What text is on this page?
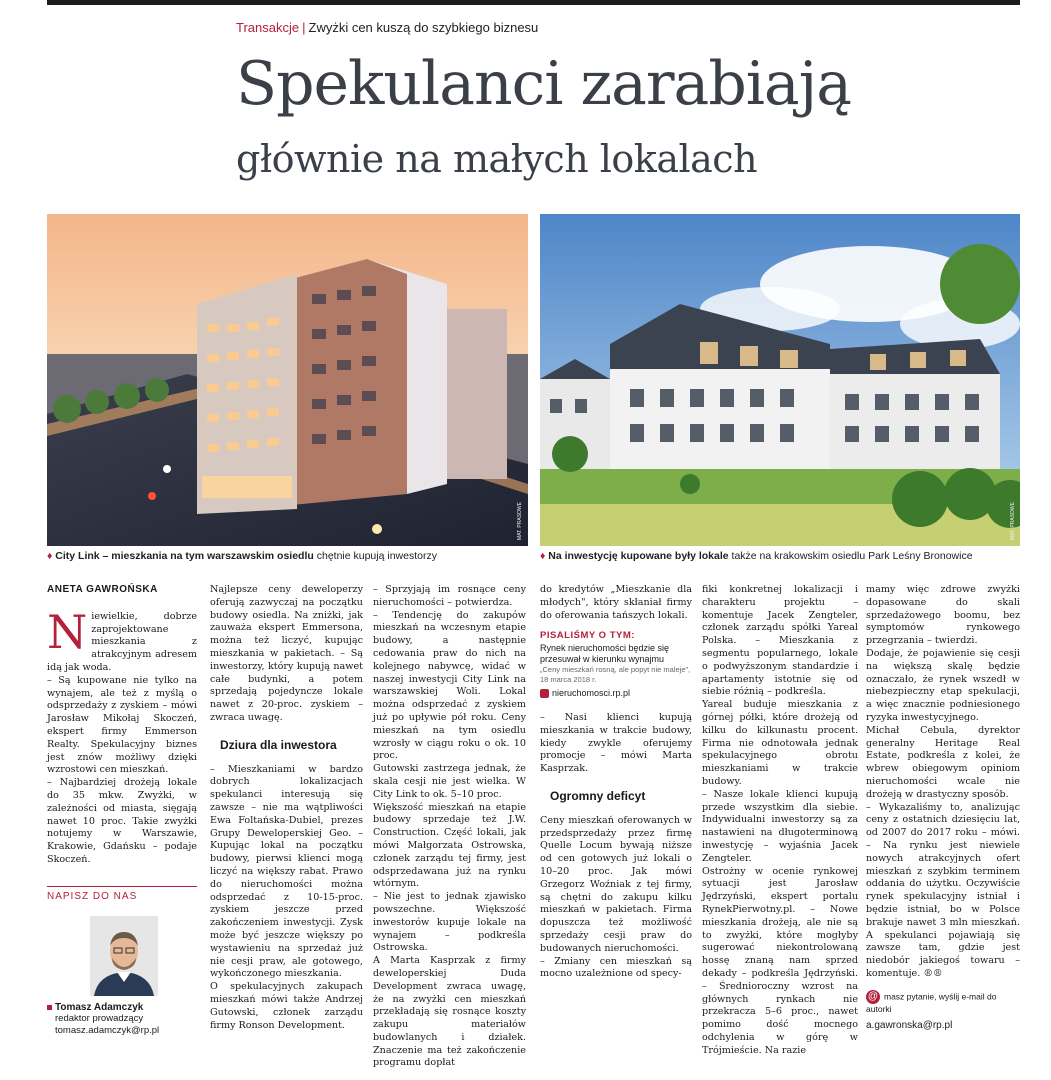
Transakcje | Zwyżki cen kuszą do szybkiego biznesu
Spekulanci zarabiają
głównie na małych lokalach
MAT. PRASOWE	MAT. PRASOWE
♦ City Link – mieszkania na tym warszawskim osiedlu chętnie kupują inwestorzy	♦ Na inwestycję kupowane były lokale także na krakowskim osiedlu Park Leśny Bronowice
ANETA GAWROŃSKA

Niewielkie, dobrze zaprojektowane mieszkania z atrakcyjnym adresem idą jak woda.

– Są kupowane nie tylko na wynajem, ale też z myślą o odsprzedaży z zyskiem – mówi Jarosław Mikołaj Skoczeń, ekspert firmy Emmerson Realty. Spekulacyjny biznes jest znów możliwy dzięki wzrostowi cen mieszkań.

– Najbardziej drożeją lokale do 35 mkw. Zwyżki, w zależności od miasta, sięgają nawet 10 proc. Takie zwyżki notujemy w Warszawie, Krakowie, Gdańsku – podaje Skoczeń.

NAPISZ DO NAS
Tomasz Adamczyk
redaktor prowadzący
tomasz.adamczyk@rp.pl

Najlepsze ceny deweloperzy oferują zazwyczaj na początku budowy osiedla. Na zniżki, jak zauważa ekspert Emmersona, można też liczyć, kupując mieszkania w pakietach. – Są inwestorzy, który kupują nawet całe budynki, a potem sprzedają pojedyncze lokale nawet z 20-proc. zyskiem – zwraca uwagę.

Dziura dla inwestora

– Mieszkaniami w bardzo dobrych lokalizacjach spekulanci interesują się zawsze – nie ma wątpliwości Ewa Foltańska-Dubiel, prezes Grupy Deweloperskiej Geo. – Kupując lokal na początku budowy, pierwsi klienci mogą liczyć na większy rabat. Prawo do nieruchomości można odsprzedać z 10-15-proc. zyskiem jeszcze przed zakończeniem inwestycji. Zysk może być jeszcze większy po wystawieniu na sprzedaż już nie cesji praw, ale gotowego, wykończonego mieszkania.

O spekulacyjnych zakupach mieszkań mówi także Andrzej Gutowski, członek zarządu firmy Ronson Development.

– Sprzyjają im rosnące ceny nieruchomości – potwierdza.

– Tendencję do zakupów mieszkań na wczesnym etapie budowy, a następnie cedowania praw do nich na kolejnego nabywcę, widać w naszej inwestycji City Link na warszawskiej Woli. Lokal można odsprzedać z zyskiem już po upływie pół roku. Ceny mieszkań na tym osiedlu wzrosły w ciągu roku o ok. 10 proc.

Gutowski zastrzega jednak, że skala cesji nie jest wielka. W City Link to ok. 5–10 proc.

Większość mieszkań na etapie budowy sprzedaje też J.W. Construction. Część lokali, jak mówi Małgorzata Ostrowska, członek zarządu tej firmy, jest odsprzedawana już na rynku wtórnym.

– Nie jest to jednak zjawisko powszechne. Większość inwestorów kupuje lokale na wynajem – podkreśla Ostrowska.

A Marta Kasprzak z firmy deweloperskiej Duda Development zwraca uwagę, że na zwyżki cen mieszkań przekładają się rosnące koszty zakupu materiałów budowlanych i działek. Znaczenie ma też zakończenie programu dopłat

do kredytów „Mieszkanie dla młodych", który skłaniał firmy do oferowania tańszych lokali.

PISALIŚMY O TYM:
Rynek nieruchomości będzie się przesuwał w kierunku wynajmu
„Ceny mieszkań rosną, ale popyt nie maleje", 18 marca 2018 r.
nieruchomosci.rp.pl

– Nasi klienci kupują mieszkania w trakcie budowy, kiedy zwykle oferujemy promocje – mówi Marta Kasprzak.

Ogromny deficyt

Ceny mieszkań oferowanych w przedsprzedaży przez firmę Quelle Locum bywają niższe od cen gotowych już lokali o 10–20 proc. Jak mówi Grzegorz Woźniak z tej firmy, są chętni do zakupu kilku mieszkań w pakietach. Firma dopuszcza też możliwość sprzedaży cesji praw do budowanych nieruchomości.

– Zmiany cen mieszkań są mocno uzależnione od specy-

fiki konkretnej lokalizacji i charakteru projektu – komentuje Jacek Zengteler, członek zarządu spółki Yareal Polska. – Mieszkania z segmentu popularnego, lokale o podwyższonym standardzie i apartamenty istotnie się od siebie różnią – podkreśla.

Yareal buduje mieszkania z górnej półki, które drożeją od kilku do kilkunastu procent. Firma nie odnotowała jednak spekulacyjnego obrotu mieszkaniami w trakcie budowy.

– Nasze lokale klienci kupują przede wszystkim dla siebie. Indywidualni inwestorzy są za nastawieni na długoterminową inwestycję – wyjaśnia Jacek Zengteler.

Ostrożny w ocenie rynkowej sytuacji jest Jarosław Jędrzyński, ekspert portalu RynekPierwotny.pl. – Nowe mieszkania drożeją, ale nie są to zwyżki, które mogłyby sugerować niekontrolowaną hossę znaną nam sprzed dekady – podkreśla Jędrzyński. – Średnioroczny wzrost na głównych rynkach nie przekracza 5–6 proc., nawet pomimo dość mocnego odchylenia w górę w Trójmieście. Na razie

mamy więc zdrowe zwyżki dopasowane do skali sprzedażowego boomu, bez symptomów rynkowego przegrzania – twierdzi.

Dodaje, że pojawienie się cesji na większą skalę będzie oznaczało, że rynek wszedł w niebezpieczny etap spekulacji, a więc znacznie podniesionego ryzyka inwestycyjnego.

Michał Cebula, dyrektor generalny Heritage Real Estate, podkreśla z kolei, że wbrew obiegowym opiniom nieruchomości wcale nie drożeją w drastyczny sposób.

– Wykazaliśmy to, analizując ceny z ostatnich dziesięciu lat, od 2007 do 2017 roku – mówi. – Na rynku jest niewiele nowych atrakcyjnych ofert mieszkań z szybkim terminem oddania do użytku. Oczywiście rynek spekulacyjny istniał i będzie istniał, bo w Polsce brakuje nawet 3 mln mieszkań. A spekulanci pojawiają się zawsze tam, gdzie jest niedobór jakiegoś towaru – komentuje. ®®

@ masz pytanie, wyślij e-mail do autorki
a.gawronska@rp.pl
